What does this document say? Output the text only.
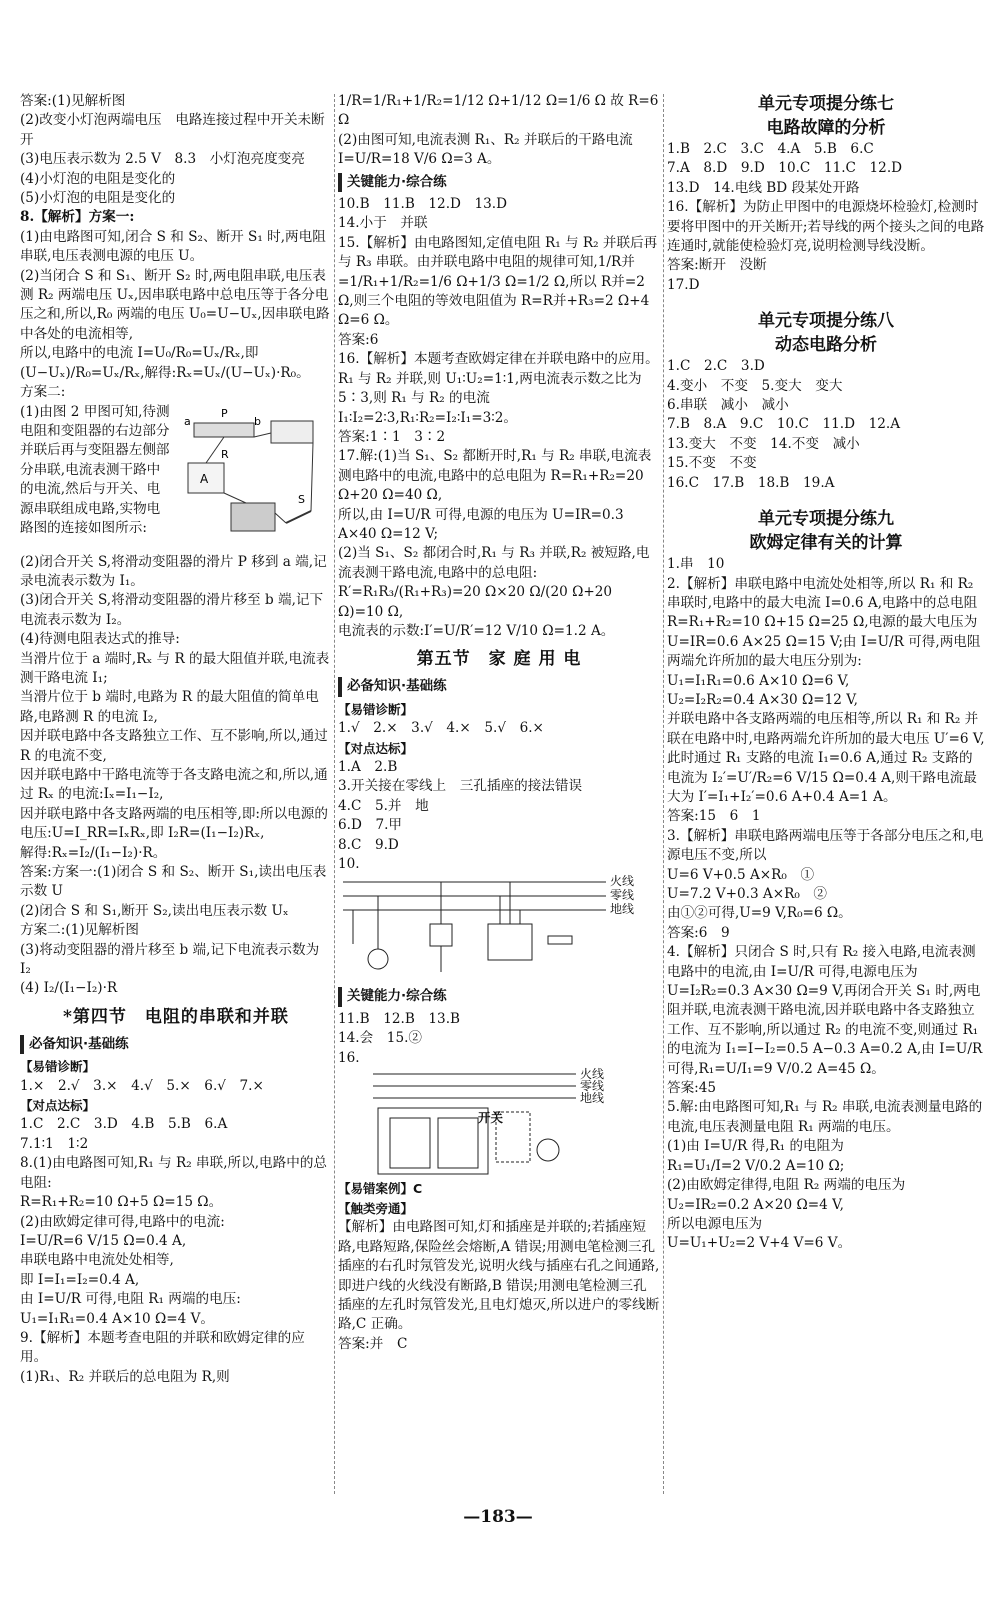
答案:(1)见解析图
(2)改变小灯泡两端电压　电路连接过程中开关未断开
(3)电压表示数为 2.5 V　8.3　小灯泡亮度变亮
(4)小灯泡的电阻是变化的
(5)小灯泡的电阻是变化的
8.【解析】方案一:
(1)由电路图可知,闭合 S 和 S₂、断开 S₁ 时,两电阻串联,电压表测电源的电压 U。
(2)当闭合 S 和 S₁、断开 S₂ 时,两电阻串联,电压表测 R₂ 两端电压 Uₓ,因串联电路中总电压等于各分电压之和,所以,R₀ 两端的电压 U₀=U−Uₓ,因串联电路中各处的电流相等,
所以,电路中的电流 I=U₀/R₀=Uₓ/Rₓ,即 (U−Uₓ)/R₀=Uₓ/Rₓ,解得:Rₓ=Uₓ/(U−Uₓ)·R₀。
方案二:
(1)由图 2 甲图可知,待测电阻和变阻器的右边部分并联后再与变阻器左侧部分串联,电流表测干路中的电流,然后与开关、电源串联组成电路,实物电路图的连接如图所示:
a	b
P
R
A
S
(2)闭合开关 S,将滑动变阻器的滑片 P 移到 a 端,记录电流表示数为 I₁。
(3)闭合开关 S,将滑动变阻器的滑片移至 b 端,记下电流表示数为 I₂。
(4)待测电阻表达式的推导:
当滑片位于 a 端时,Rₓ 与 R 的最大阻值并联,电流表测干路电流 I₁;
当滑片位于 b 端时,电路为 R 的最大阻值的简单电路,电路测 R 的电流 I₂,
因并联电路中各支路独立工作、互不影响,所以,通过 R 的电流不变,
因并联电路中干路电流等于各支路电流之和,所以,通过 Rₓ 的电流:Iₓ=I₁−I₂,
因并联电路中各支路两端的电压相等,即:所以电源的电压:U=I_RR=IₓRₓ,即 I₂R=(I₁−I₂)Rₓ,
解得:Rₓ=I₂/(I₁−I₂)·R。
答案:方案一:(1)闭合 S 和 S₂、断开 S₁,读出电压表示数 U
(2)闭合 S 和 S₁,断开 S₂,读出电压表示数 Uₓ
方案二:(1)见解析图
(3)将动变阻器的滑片移至 b 端,记下电流表示数为 I₂
(4) I₂/(I₁−I₂)·R
*第四节　电阻的串联和并联
必备知识·基础练
【易错诊断】
1.×　2.√　3.×　4.√　5.×　6.√　7.×
【对点达标】
1.C　2.C　3.D　4.B　5.B　6.A
7.1∶1　1∶2
8.(1)由电路图可知,R₁ 与 R₂ 串联,所以,电路中的总电阻:
R=R₁+R₂=10 Ω+5 Ω=15 Ω。
(2)由欧姆定律可得,电路中的电流:
I=U/R=6 V/15 Ω=0.4 A,
串联电路中电流处处相等,
即 I=I₁=I₂=0.4 A,
由 I=U/R 可得,电阻 R₁ 两端的电压:
U₁=I₁R₁=0.4 A×10 Ω=4 V。
9.【解析】本题考查电阻的并联和欧姆定律的应用。
(1)R₁、R₂ 并联后的总电阻为 R,则
1/R=1/R₁+1/R₂=1/12 Ω+1/12 Ω=1/6 Ω 故 R=6 Ω
(2)由图可知,电流表测 R₁、R₂ 并联后的干路电流 I=U/R=18 V/6 Ω=3 A。
关键能力·综合练
10.B　11.B　12.D　13.D
14.小于　并联
15.【解析】由电路图知,定值电阻 R₁ 与 R₂ 并联后再与 R₃ 串联。由并联电路中电阻的规律可知,1/R并=1/R₁+1/R₂=1/6 Ω+1/3 Ω=1/2 Ω,所以 R并=2 Ω,则三个电阻的等效电阻值为 R=R并+R₃=2 Ω+4 Ω=6 Ω。
答案:6
16.【解析】本题考查欧姆定律在并联电路中的应用。R₁ 与 R₂ 并联,则 U₁∶U₂=1∶1,两电流表示数之比为 5∶3,则 R₁ 与 R₂ 的电流 I₁∶I₂=2∶3,R₁∶R₂=I₂∶I₁=3∶2。
答案:1∶1　3∶2
17.解:(1)当 S₁、S₂ 都断开时,R₁ 与 R₂ 串联,电流表测电路中的电流,电路中的总电阻为 R=R₁+R₂=20 Ω+20 Ω=40 Ω,
所以,由 I=U/R 可得,电源的电压为 U=IR=0.3 A×40 Ω=12 V;
(2)当 S₁、S₂ 都闭合时,R₁ 与 R₃ 并联,R₂ 被短路,电流表测干路电流,电路中的总电阻:
R′=R₁R₃/(R₁+R₃)=20 Ω×20 Ω/(20 Ω+20 Ω)=10 Ω,
电流表的示数:I′=U/R′=12 V/10 Ω=1.2 A。
第五节　家 庭 用 电
必备知识·基础练
【易错诊断】
1.√　2.×　3.√　4.×　5.√　6.×
【对点达标】
1.A　2.B
3.开关接在零线上　三孔插座的接法错误
4.C　5.并　地
6.D　7.甲
8.C　9.D
10.
火线
零线
地线
关键能力·综合练
11.B　12.B　13.B
14.会　15.②
16.
火线
零线
地线
开关
【易错案例】C
【触类旁通】
【解析】由电路图可知,灯和插座是并联的;若插座短路,电路短路,保险丝会熔断,A 错误;用测电笔检测三孔插座的右孔时氖管发光,说明火线与插座右孔之间通路,即进户线的火线没有断路,B 错误;用测电笔检测三孔插座的左孔时氖管发光,且电灯熄灭,所以进户的零线断路,C 正确。
答案:并　C
单元专项提分练七
电路故障的分析
1.B　2.C　3.C　4.A　5.B　6.C
7.A　8.D　9.D　10.C　11.C　12.D
13.D　14.电线 BD 段某处开路
16.【解析】为防止甲图中的电源烧坏检验灯,检测时要将甲图中的开关断开;若导线的两个接头之间的电路连通时,就能使检验灯亮,说明检测导线没断。
答案:断开　没断
17.D
单元专项提分练八
动态电路分析
1.C　2.C　3.D
4.变小　不变　5.变大　变大
6.串联　减小　减小
7.B　8.A　9.C　10.C　11.D　12.A
13.变大　不变　14.不变　减小
15.不变　不变
16.C　17.B　18.B　19.A
单元专项提分练九
欧姆定律有关的计算
1.串　10
2.【解析】串联电路中电流处处相等,所以 R₁ 和 R₂ 串联时,电路中的最大电流 I=0.6 A,电路中的总电阻 R=R₁+R₂=10 Ω+15 Ω=25 Ω,电源的最大电压为 U=IR=0.6 A×25 Ω=15 V;由 I=U/R 可得,两电阻两端允许所加的最大电压分别为:
U₁=I₁R₁=0.6 A×10 Ω=6 V,
U₂=I₂R₂=0.4 A×30 Ω=12 V,
并联电路中各支路两端的电压相等,所以 R₁ 和 R₂ 并联在电路中时,电路两端允许所加的最大电压 U′=6 V,此时通过 R₁ 支路的电流 I₁=0.6 A,通过 R₂ 支路的电流为 I₂′=U′/R₂=6 V/15 Ω=0.4 A,则干路电流最大为 I′=I₁+I₂′=0.6 A+0.4 A=1 A。
答案:15　6　1
3.【解析】串联电路两端电压等于各部分电压之和,电源电压不变,所以
U=6 V+0.5 A×R₀　①
U=7.2 V+0.3 A×R₀　②
由①②可得,U=9 V,R₀=6 Ω。
答案:6　9
4.【解析】只闭合 S 时,只有 R₂ 接入电路,电流表测电路中的电流,由 I=U/R 可得,电源电压为 U=I₂R₂=0.3 A×30 Ω=9 V,再闭合开关 S₁ 时,两电阻并联,电流表测干路电流,因并联电路中各支路独立工作、互不影响,所以通过 R₂ 的电流不变,则通过 R₁ 的电流为 I₁=I−I₂=0.5 A−0.3 A=0.2 A,由 I=U/R 可得,R₁=U/I₁=9 V/0.2 A=45 Ω。
答案:45
5.解:由电路图可知,R₁ 与 R₂ 串联,电流表测量电路的电流,电压表测量电阻 R₁ 两端的电压。
(1)由 I=U/R 得,R₁ 的电阻为
R₁=U₁/I=2 V/0.2 A=10 Ω;
(2)由欧姆定律得,电阻 R₂ 两端的电压为
U₂=IR₂=0.2 A×20 Ω=4 V,
所以电源电压为
U=U₁+U₂=2 V+4 V=6 V。
—183—
